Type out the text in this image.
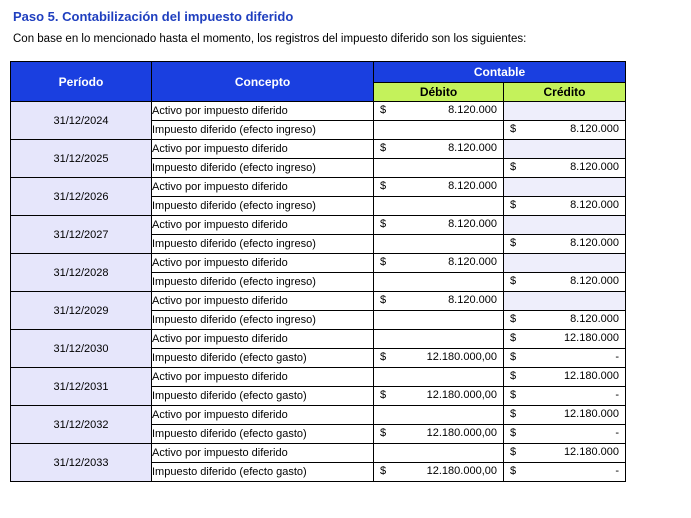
Paso 5. Contabilización del impuesto diferido
Con base en lo mencionado hasta el momento, los registros del impuesto diferido son los siguientes:
Período	Concepto	Contable	
		Débito	Crédito
31/12/2024	Activo por impuesto diferido	$ 8.120.000	

	Impuesto diferido (efecto ingreso)		$ 8.120.000

31/12/2025	Activo por impuesto diferido	$ 8.120.000	

	Impuesto diferido (efecto ingreso)		$ 8.120.000

31/12/2026	Activo por impuesto diferido	$ 8.120.000	

	Impuesto diferido (efecto ingreso)		$ 8.120.000

31/12/2027	Activo por impuesto diferido	$ 8.120.000	

	Impuesto diferido (efecto ingreso)		$ 8.120.000

31/12/2028	Activo por impuesto diferido	$ 8.120.000	

	Impuesto diferido (efecto ingreso)		$ 8.120.000

31/12/2029	Activo por impuesto diferido	$ 8.120.000	

	Impuesto diferido (efecto ingreso)		$ 8.120.000

31/12/2030	Activo por impuesto diferido		$ 12.180.000

	Impuesto diferido (efecto gasto)	$ 12.180.000,00	$ -

31/12/2031	Activo por impuesto diferido		$ 12.180.000

	Impuesto diferido (efecto gasto)	$ 12.180.000,00	$ -

31/12/2032	Activo por impuesto diferido		$ 12.180.000

	Impuesto diferido (efecto gasto)	$ 12.180.000,00	$ -

31/12/2033	Activo por impuesto diferido		$ 12.180.000

	Impuesto diferido (efecto gasto)	$ 12.180.000,00	$ -
